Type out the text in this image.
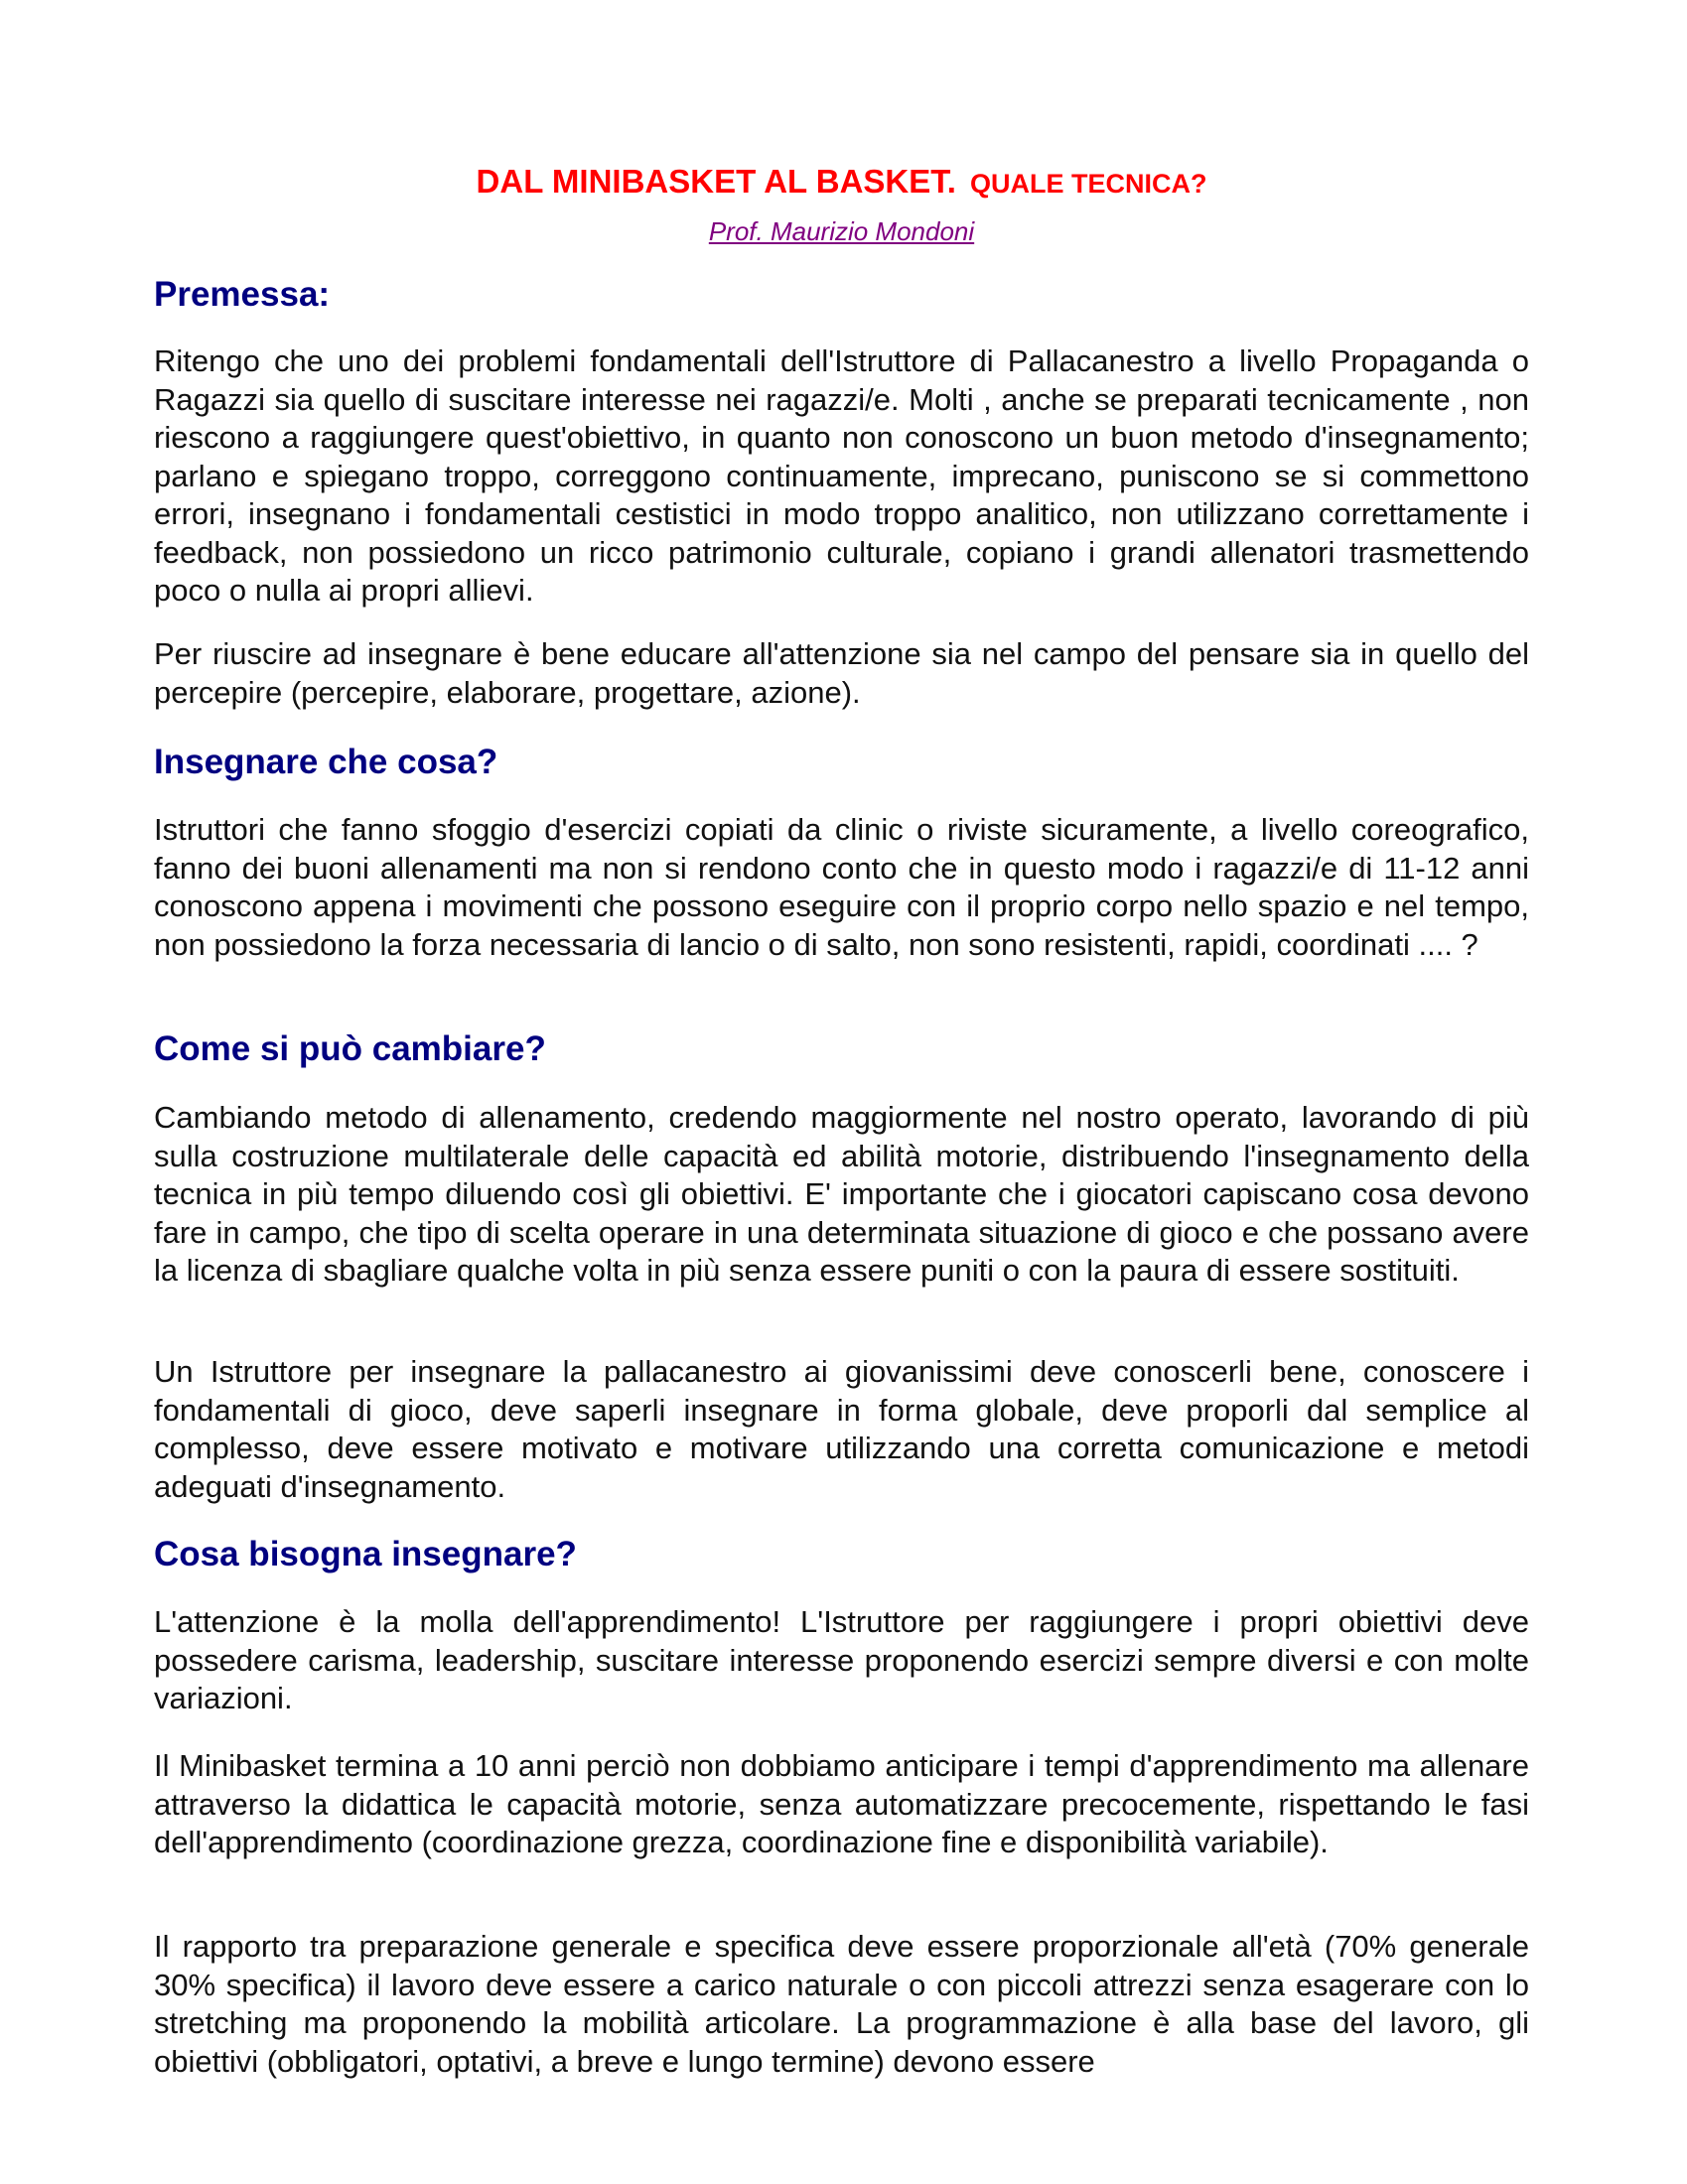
DAL MINIBASKET AL BASKET. QUALE TECNICA?
Prof. Maurizio Mondoni
Premessa:

Ritengo che uno dei problemi fondamentali dell'Istruttore di Pallacanestro a livello Propaganda o Ragazzi sia quello di suscitare interesse nei ragazzi/e. Molti , anche se preparati tecnicamente , non riescono a raggiungere quest'obiettivo, in quanto non conoscono un buon metodo d'insegnamento; parlano e spiegano troppo, correggono continuamente, imprecano, puniscono se si commettono errori, insegnano i fondamentali cestistici in modo troppo analitico, non utilizzano correttamente i feedback, non possiedono un ricco patrimonio culturale, copiano i grandi allenatori trasmettendo poco o nulla ai propri allievi.

Per riuscire ad insegnare è bene educare all'attenzione sia nel campo del pensare sia in quello del percepire (percepire, elaborare, progettare, azione).

Insegnare che cosa?

Istruttori che fanno sfoggio d'esercizi copiati da clinic o riviste sicuramente, a livello coreografico, fanno dei buoni allenamenti ma non si rendono conto che in questo modo i ragazzi/e di 11-12 anni conoscono appena i movimenti che possono eseguire con il proprio corpo nello spazio e nel tempo, non possiedono la forza necessaria di lancio o di salto, non sono resistenti, rapidi, coordinati .... ?

Come si può cambiare?

Cambiando metodo di allenamento, credendo maggiormente nel nostro operato, lavorando di più sulla costruzione multilaterale delle capacità ed abilità motorie, distribuendo l'insegnamento della tecnica in più tempo diluendo così gli obiettivi. E' importante che i giocatori capiscano cosa devono fare in campo, che tipo di scelta operare in una determinata situazione di gioco e che possano avere la licenza di sbagliare qualche volta in più senza essere puniti o con la paura di essere sostituiti.

Un Istruttore per insegnare la pallacanestro ai giovanissimi deve conoscerli bene, conoscere i fondamentali di gioco, deve saperli insegnare in forma globale, deve proporli dal semplice al complesso, deve essere motivato e motivare utilizzando una corretta comunicazione e metodi adeguati d'insegnamento.

Cosa bisogna insegnare?

L'attenzione è la molla dell'apprendimento! L'Istruttore per raggiungere i propri obiettivi deve possedere carisma, leadership, suscitare interesse proponendo esercizi sempre diversi e con molte variazioni.

Il Minibasket termina a 10 anni perciò non dobbiamo anticipare i tempi d'apprendimento ma allenare attraverso la didattica le capacità motorie, senza automatizzare precocemente, rispettando le fasi dell'apprendimento (coordinazione grezza, coordinazione fine e disponibilità variabile).

Il rapporto tra preparazione generale e specifica deve essere proporzionale all'età (70% generale 30% specifica) il lavoro deve essere a carico naturale o con piccoli attrezzi senza esagerare con lo stretching ma proponendo la mobilità articolare. La programmazione è alla base del lavoro, gli obiettivi (obbligatori, optativi, a breve e lungo termine) devono essere
